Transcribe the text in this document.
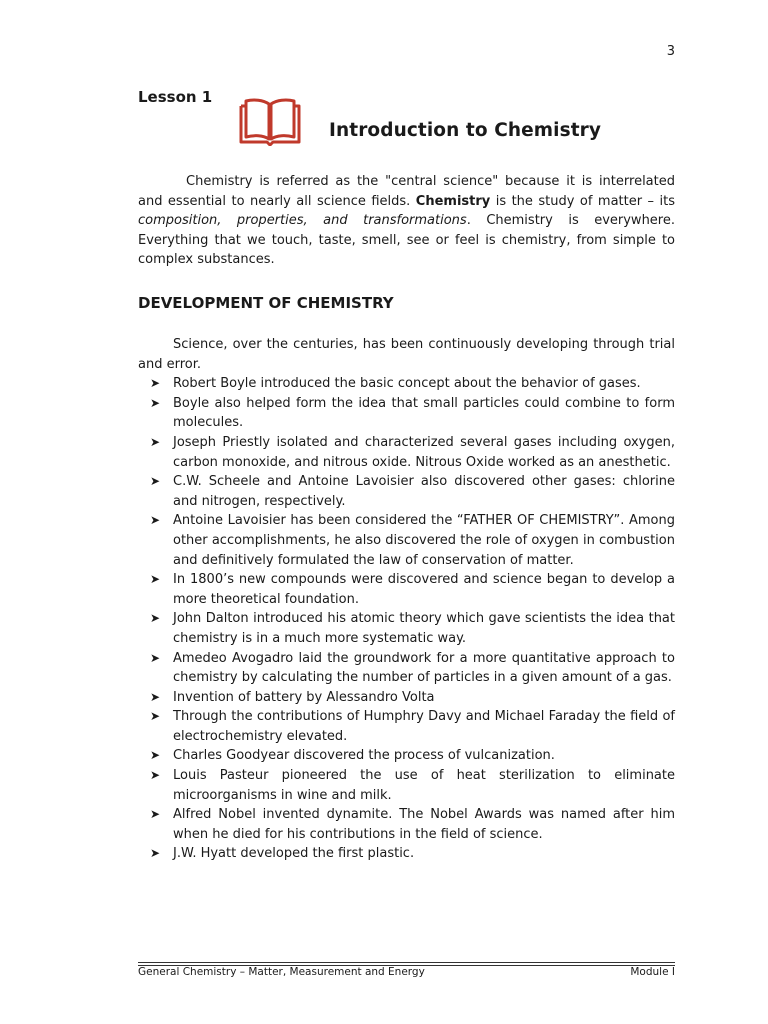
3
Lesson 1
Introduction to Chemistry

Chemistry is referred as the "central science" because it is interrelated and essential to nearly all science fields. Chemistry is the study of matter – its composition, properties, and transformations. Chemistry is everywhere. Everything that we touch, taste, smell, see or feel is chemistry, from simple to complex substances.

DEVELOPMENT OF CHEMISTRY

Science, over the centuries, has been continuously developing through trial and error.

➤ Robert Boyle introduced the basic concept about the behavior of gases.
➤ Boyle also helped form the idea that small particles could combine to form molecules.
➤ Joseph Priestly isolated and characterized several gases including oxygen, carbon monoxide, and nitrous oxide. Nitrous Oxide worked as an anesthetic.
➤ C.W. Scheele and Antoine Lavoisier also discovered other gases: chlorine and nitrogen, respectively.
➤ Antoine Lavoisier has been considered the “FATHER OF CHEMISTRY”. Among other accomplishments, he also discovered the role of oxygen in combustion and definitively formulated the law of conservation of matter.
➤ In 1800’s new compounds were discovered and science began to develop a more theoretical foundation.
➤ John Dalton introduced his atomic theory which gave scientists the idea that chemistry is in a much more systematic way.
➤ Amedeo Avogadro laid the groundwork for a more quantitative approach to chemistry by calculating the number of particles in a given amount of a gas.
➤ Invention of battery by Alessandro Volta
➤ Through the contributions of Humphry Davy and Michael Faraday the field of electrochemistry elevated.
➤ Charles Goodyear discovered the process of vulcanization.
➤ Louis Pasteur pioneered the use of heat sterilization to eliminate microorganisms in wine and milk.
➤ Alfred Nobel invented dynamite. The Nobel Awards was named after him when he died for his contributions in the field of science.
➤ J.W. Hyatt developed the first plastic.
General Chemistry – Matter, Measurement and Energy	Module I
